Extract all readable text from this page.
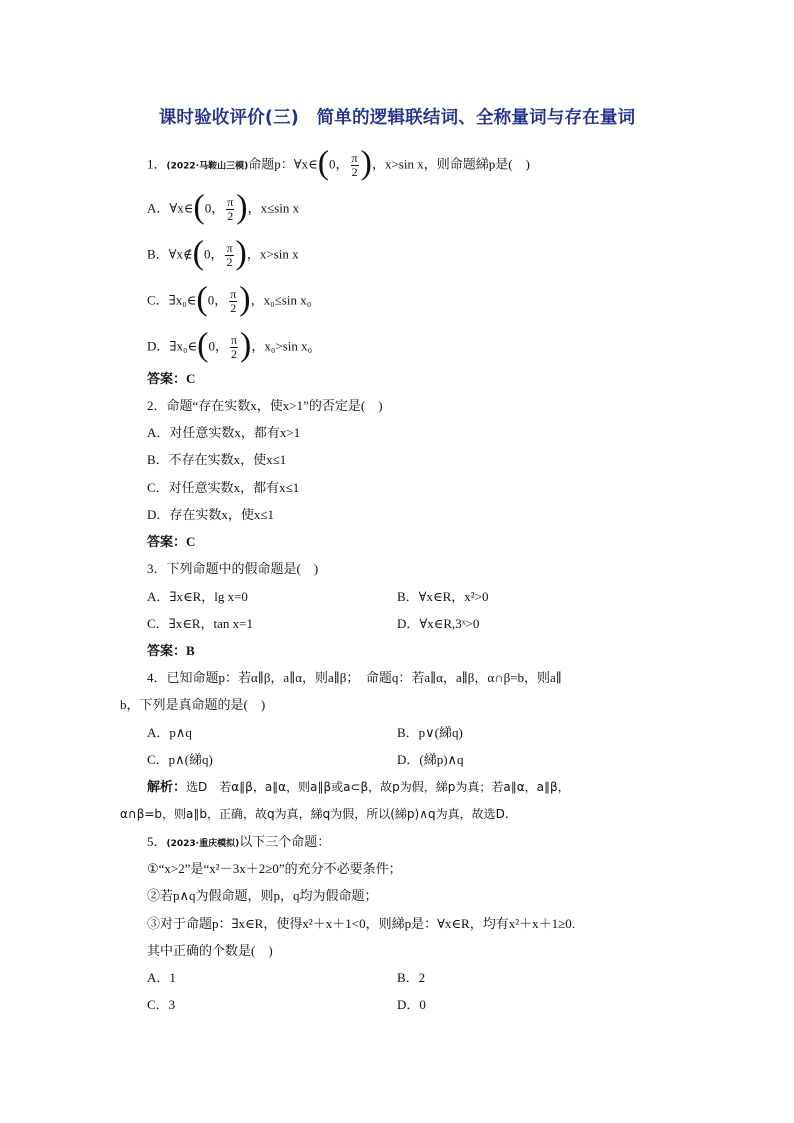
课时验收评价(三)　简单的逻辑联结词、全称量词与存在量词
1．(2022·马鞍山三模)命题p：∀x∈(0， $\frac{\pi}{2}$ )，x>sin x，则命题綈p是(　)
A．∀x∈(0， $\frac{\pi}{2}$ )，x≤sin x
B．∀x∉(0， $\frac{\pi}{2}$ )，x>sin x
C．∃x₀∈(0， $\frac{\pi}{2}$ )，x₀≤sin x₀
D．∃x₀∈(0， $\frac{\pi}{2}$ )，x₀>sin x₀
答案：C
2．命题“存在实数x，使x>1”的否定是(　)
A．对任意实数x，都有x>1
B．不存在实数x，使x≤1
C．对任意实数x，都有x≤1
D．存在实数x，使x≤1
答案：C
3．下列命题中的假命题是(　)
A．∃x∈R，lg x=0	B．∀x∈R，x²>0
C．∃x∈R，tan x=1	D．∀x∈R,3ˣ>0
答案：B
4．已知命题p：若α∥β，a∥α，则a∥β；　命题q：若a∥α，a∥β，α∩β=b，则a∥
b，下列是真命题的是(　)
A．p∧q	B．p∨(綈q)
C．p∧(綈q)	D．(綈p)∧q
解析：选D　若α∥β，a∥α，则a∥β或a⊂β，故p为假，綈p为真；若a∥α，a∥β，
α∩β=b，则a∥b，正确，故q为真，綈q为假，所以(綈p)∧q为真，故选D.
5．(2023·重庆模拟)以下三个命题：
①“x>2”是“x²－3x＋2≥0”的充分不必要条件；
②若p∧q为假命题，则p，q均为假命题；
③对于命题p：∃x∈R，使得x²＋x＋1<0，则綈p是：∀x∈R，均有x²＋x＋1≥0.
其中正确的个数是(　)
A．1	B．2
C．3	D．0
